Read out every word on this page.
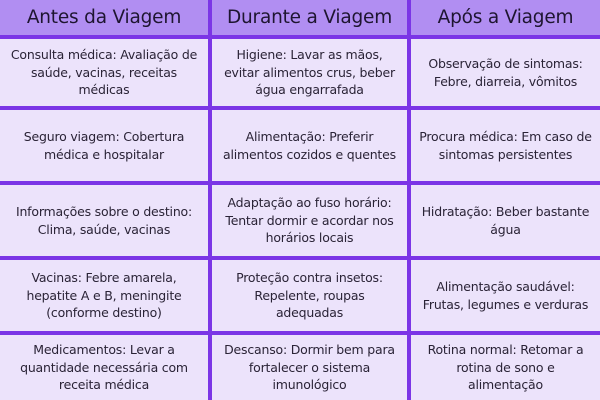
Antes da Viagem	Durante a Viagem	Após a Viagem
Consulta médica: Avaliação de saúde, vacinas, receitas médicas
Higiene: Lavar as mãos, evitar alimentos crus, beber água engarrafada
Observação de sintomas: Febre, diarreia, vômitos
Seguro viagem: Cobertura médica e hospitalar
Alimentação: Preferir alimentos cozidos e quentes
Procura médica: Em caso de sintomas persistentes
Informações sobre o destino: Clima, saúde, vacinas
Adaptação ao fuso horário: Tentar dormir e acordar nos horários locais
Hidratação: Beber bastante água
Vacinas: Febre amarela, hepatite A e B, meningite (conforme destino)
Proteção contra insetos: Repelente, roupas adequadas
Alimentação saudável: Frutas, legumes e verduras
Medicamentos: Levar a quantidade necessária com receita médica
Descanso: Dormir bem para fortalecer o sistema imunológico
Rotina normal: Retomar a rotina de sono e alimentação
